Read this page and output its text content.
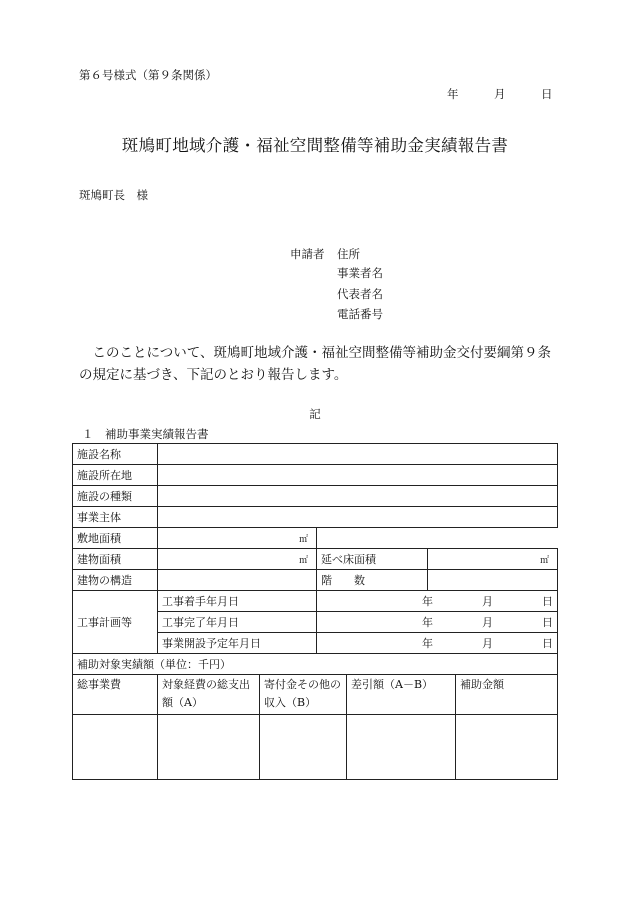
第６号様式（第９条関係）
年	月	日
斑鳩町地域介護・福祉空間整備等補助金実績報告書
斑鳩町長　様
申請者 住所
事業者名
代表者名
電話番号
　このことについて、斑鳩町地域介護・福祉空間整備等補助金交付要綱第９条の規定に基づき、下記のとおり報告します。
記
１　補助事業実績報告書
施設名称						
施設所在地						
施設の種類						
事業主体						
敷地面積	㎡	
建物面積	㎡		延べ床面積		㎡
建物の構造			階　　数			
工事計画等	工事着手年月日		年 月 日			

	工事完了年月日		年 月 日			

	事業開設予定年月日		年 月 日			

補助対象実績額（単位：千円）						
総事業費	対象経費の総支出額（A）	寄付金その他の収入（B）		差引額（A－B）		補助金額
